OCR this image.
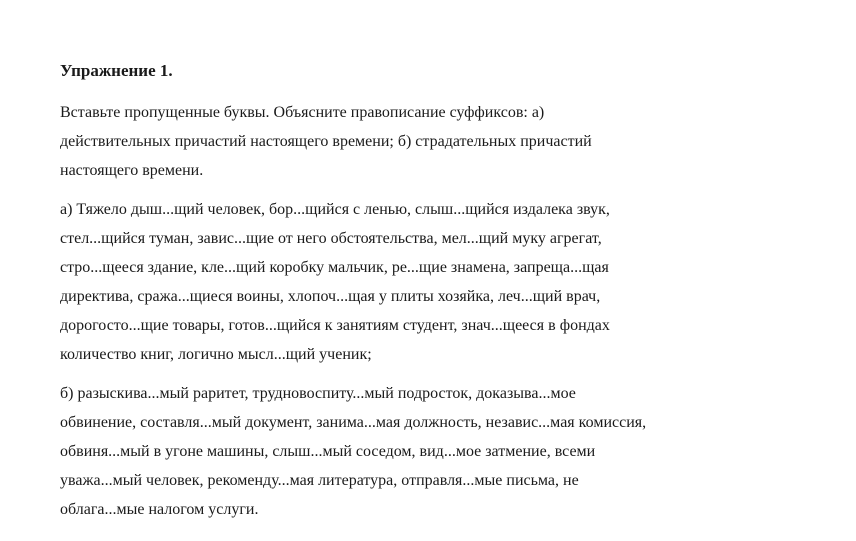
Упражнение 1.
Вставьте пропущенные буквы. Объясните правописание суффиксов: а)
действительных причастий настоящего времени; б) страдательных причастий
настоящего времени.
а) Тяжело дыш...щий человек, бор...щийся с ленью, слыш...щийся издалека звук,
стел...щийся туман, завис...щие от него обстоятельства, мел...щий муку агрегат,
стро...щееся здание, кле...щий коробку мальчик, ре...щие знамена, запреща...щая
директива, сража...щиеся воины, хлопоч...щая у плиты хозяйка, леч...щий врач,
дорогосто...щие товары, готов...щийся к занятиям студент, знач...щееся в фондах
количество книг, логично мысл...щий ученик;
б) разыскива...мый раритет, трудновоспиту...мый подросток, доказыва...мое
обвинение, составля...мый документ, занима...мая должность, независ...мая комиссия,
обвиня...мый в угоне машины, слыш...мый соседом, вид...мое затмение, всеми
уважа...мый человек, рекоменду...мая литература, отправля...мые письма, не
облага...мые налогом услуги.
